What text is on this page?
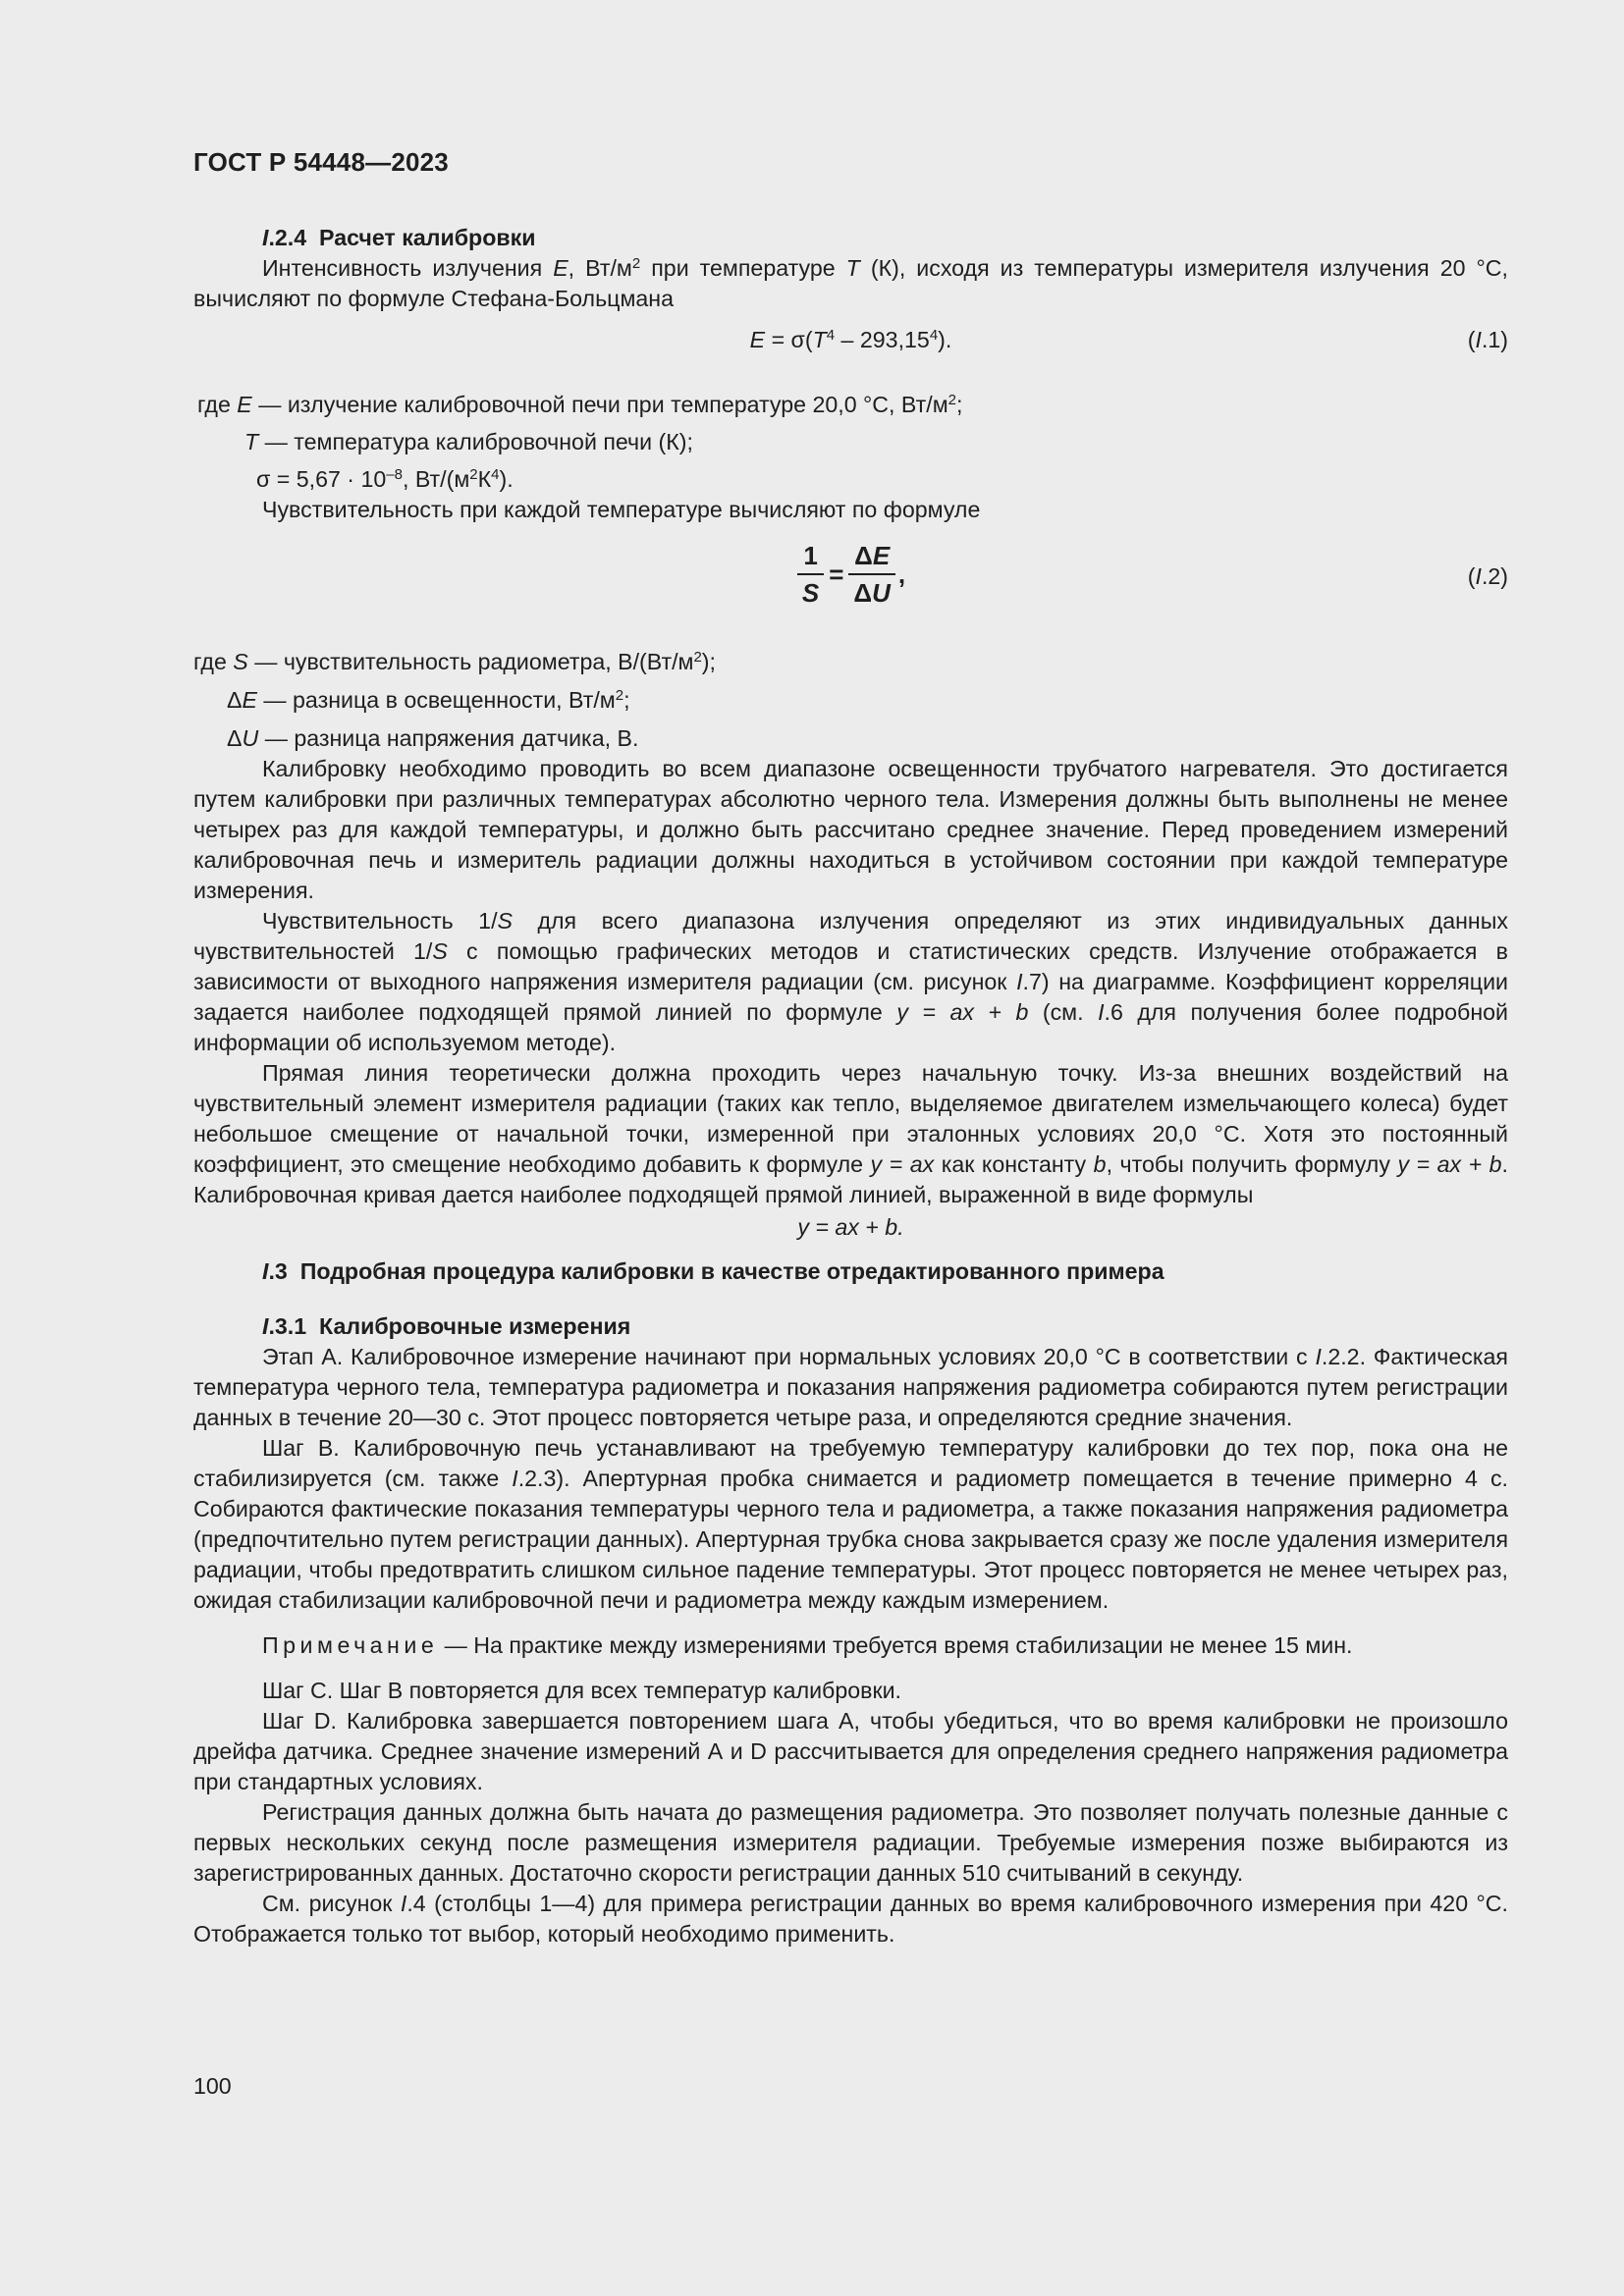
ГОСТ Р 54448—2023

I.2.4 Расчет калибровки

Интенсивность излучения E, $Вт/м^2$ при температуре T (К), исходя из температуры измерителя излучения 20 °С, вычисляют по формуле Стефана-Больцмана

$E = \sigma(T^4 - 293,15^4)$.	(I.1)

где E — излучение калибровочной печи при температуре 20,0 °С, $Вт/м^2$;

T — температура калибровочной печи (К);

$\sigma = 5,67 \cdot 10^{-8}$, $Вт/(м^2К^4)$.

Чувствительность при каждой температуре вычисляют по формуле

$\frac{1}{S} = \frac{\Delta E}{\Delta U}$ ,	(I.2)

где S — чувствительность радиометра, $В/(Вт/м^2)$;

ΔE — разница в освещенности, $Вт/м^2$;

ΔU — разница напряжения датчика, В.

Калибровку необходимо проводить во всем диапазоне освещенности трубчатого нагревателя. Это достигается путем калибровки при различных температурах абсолютно черного тела. Измерения должны быть выполнены не менее четырех раз для каждой температуры, и должно быть рассчитано среднее значение. Перед проведением измерений калибровочная печь и измеритель радиации должны находиться в устойчивом состоянии при каждой температуре измерения.

Чувствительность 1/S для всего диапазона излучения определяют из этих индивидуальных данных чувствительностей 1/S с помощью графических методов и статистических средств. Излучение отображается в зависимости от выходного напряжения измерителя радиации (см. рисунок I.7) на диаграмме. Коэффициент корреляции задается наиболее подходящей прямой линией по формуле y = ax + b (см. I.6 для получения более подробной информации об используемом методе).

Прямая линия теоретически должна проходить через начальную точку. Из-за внешних воздействий на чувствительный элемент измерителя радиации (таких как тепло, выделяемое двигателем измельчающего колеса) будет небольшое смещение от начальной точки, измеренной при эталонных условиях 20,0 °С. Хотя это постоянный коэффициент, это смещение необходимо добавить к формуле y = ax как константу b, чтобы получить формулу y = ax + b. Калибровочная кривая дается наиболее подходящей прямой линией, выраженной в виде формулы

y = ax + b.

I.3 Подробная процедура калибровки в качестве отредактированного примера

I.3.1 Калибровочные измерения

Этап А. Калибровочное измерение начинают при нормальных условиях 20,0 °С в соответствии с I.2.2. Фактическая температура черного тела, температура радиометра и показания напряжения радиометра собираются путем регистрации данных в течение 20—30 с. Этот процесс повторяется четыре раза, и определяются средние значения.

Шаг В. Калибровочную печь устанавливают на требуемую температуру калибровки до тех пор, пока она не стабилизируется (см. также I.2.3). Апертурная пробка снимается и радиометр помещается в течение примерно 4 с. Собираются фактические показания температуры черного тела и радиометра, а также показания напряжения радиометра (предпочтительно путем регистрации данных). Апертурная трубка снова закрывается сразу же после удаления измерителя радиации, чтобы предотвратить слишком сильное падение температуры. Этот процесс повторяется не менее четырех раз, ожидая стабилизации калибровочной печи и радиометра между каждым измерением.

Примечание — На практике между измерениями требуется время стабилизации не менее 15 мин.

Шаг С. Шаг В повторяется для всех температур калибровки.

Шаг D. Калибровка завершается повторением шага А, чтобы убедиться, что во время калибровки не произошло дрейфа датчика. Среднее значение измерений А и D рассчитывается для определения среднего напряжения радиометра при стандартных условиях.

Регистрация данных должна быть начата до размещения радиометра. Это позволяет получать полезные данные с первых нескольких секунд после размещения измерителя радиации. Требуемые измерения позже выбираются из зарегистрированных данных. Достаточно скорости регистрации данных 510 считываний в секунду.

См. рисунок I.4 (столбцы 1—4) для примера регистрации данных во время калибровочного измерения при 420 °С. Отображается только тот выбор, который необходимо применить.

100
